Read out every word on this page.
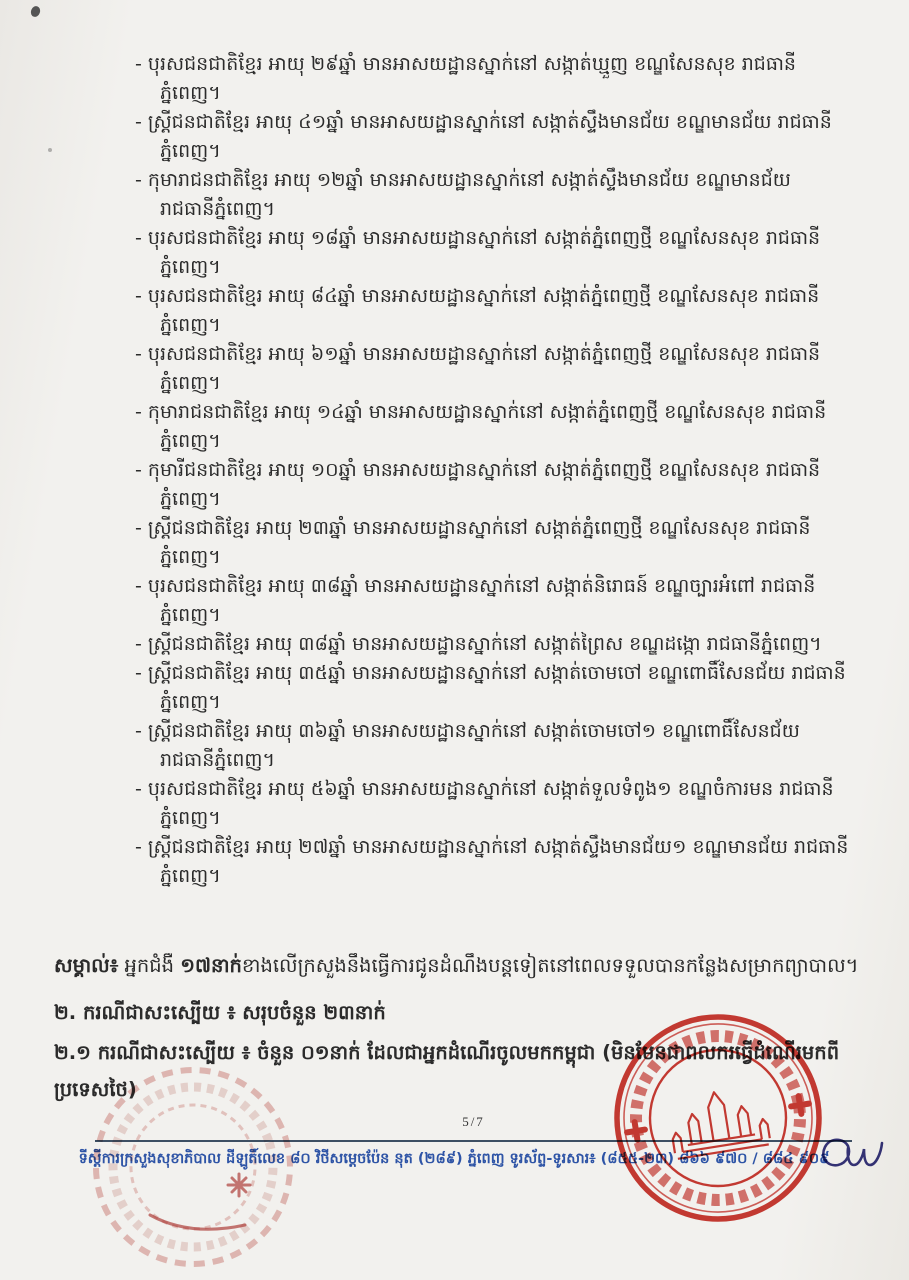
- បុរសជនជាតិខ្មែរ អាយុ ២៩ឆ្នាំ មានអាសយដ្ឋានស្នាក់នៅ សង្កាត់ឃ្មួញ ខណ្ឌសែនសុខ រាជធានីភ្នំពេញ។
- ស្ត្រីជនជាតិខ្មែរ អាយុ ៤១ឆ្នាំ មានអាសយដ្ឋានស្នាក់នៅ សង្កាត់ស្ទឹងមានជ័យ ខណ្ឌមានជ័យ រាជធានីភ្នំពេញ។
- កុមារាជនជាតិខ្មែរ អាយុ ១២ឆ្នាំ មានអាសយដ្ឋានស្នាក់នៅ សង្កាត់ស្ទឹងមានជ័យ ខណ្ឌមានជ័យ រាជធានីភ្នំពេញ។
- បុរសជនជាតិខ្មែរ អាយុ ១៨ឆ្នាំ មានអាសយដ្ឋានស្នាក់នៅ សង្កាត់ភ្នំពេញថ្មី ខណ្ឌសែនសុខ រាជធានីភ្នំពេញ។
- បុរសជនជាតិខ្មែរ អាយុ ៨៤ឆ្នាំ មានអាសយដ្ឋានស្នាក់នៅ សង្កាត់ភ្នំពេញថ្មី ខណ្ឌសែនសុខ រាជធានីភ្នំពេញ។
- បុរសជនជាតិខ្មែរ អាយុ ៦១ឆ្នាំ មានអាសយដ្ឋានស្នាក់នៅ សង្កាត់ភ្នំពេញថ្មី ខណ្ឌសែនសុខ រាជធានីភ្នំពេញ។
- កុមារាជនជាតិខ្មែរ អាយុ ១៤ឆ្នាំ មានអាសយដ្ឋានស្នាក់នៅ សង្កាត់ភ្នំពេញថ្មី ខណ្ឌសែនសុខ រាជធានីភ្នំពេញ។
- កុមារីជនជាតិខ្មែរ អាយុ ១០ឆ្នាំ មានអាសយដ្ឋានស្នាក់នៅ សង្កាត់ភ្នំពេញថ្មី ខណ្ឌសែនសុខ រាជធានីភ្នំពេញ។
- ស្ត្រីជនជាតិខ្មែរ អាយុ ២៣ឆ្នាំ មានអាសយដ្ឋានស្នាក់នៅ សង្កាត់ភ្នំពេញថ្មី ខណ្ឌសែនសុខ រាជធានីភ្នំពេញ។
- បុរសជនជាតិខ្មែរ អាយុ ៣៨ឆ្នាំ មានអាសយដ្ឋានស្នាក់នៅ សង្កាត់និរោធន៍ ខណ្ឌច្បារអំពៅ រាជធានីភ្នំពេញ។
- ស្ត្រីជនជាតិខ្មែរ អាយុ ៣៨ឆ្នាំ មានអាសយដ្ឋានស្នាក់នៅ សង្កាត់ព្រៃស ខណ្ឌដង្កោ រាជធានីភ្នំពេញ។
- ស្ត្រីជនជាតិខ្មែរ អាយុ ៣៥ឆ្នាំ មានអាសយដ្ឋានស្នាក់នៅ សង្កាត់ចោមចៅ ខណ្ឌពោធិ៍សែនជ័យ រាជធានីភ្នំពេញ។
- ស្ត្រីជនជាតិខ្មែរ អាយុ ៣៦ឆ្នាំ មានអាសយដ្ឋានស្នាក់នៅ សង្កាត់ចោមចៅ១ ខណ្ឌពោធិ៍សែនជ័យ រាជធានីភ្នំពេញ។
- បុរសជនជាតិខ្មែរ អាយុ ៥៦ឆ្នាំ មានអាសយដ្ឋានស្នាក់នៅ សង្កាត់ទួលទំពូង១ ខណ្ឌចំការមន រាជធានីភ្នំពេញ។
- ស្ត្រីជនជាតិខ្មែរ អាយុ ២៧ឆ្នាំ មានអាសយដ្ឋានស្នាក់នៅ សង្កាត់ស្ទឹងមានជ័យ១ ខណ្ឌមានជ័យ រាជធានីភ្នំពេញ។

សម្គាល់៖ អ្នកជំងឺ ១៧នាក់ខាងលើក្រសួងនឹងធ្វើការជូនដំណឹងបន្តទៀតនៅពេលទទួលបានកន្លែងសម្រាកព្យាបាល។

២. ករណីជាសះស្បើយ ៖ សរុបចំនួន ២៣នាក់
២.១ ករណីជាសះស្បើយ ៖ ចំនួន ០១នាក់ ដែលជាអ្នកដំណើរចូលមកកម្ពុជា (មិនមែនជាពលករធ្វើដំណើរមកពីប្រទេសថៃ)
5/7
ទីស្តីការក្រសួងសុខាភិបាល ដីឡូតិ៍លេខ ៨០ វិថីសម្តេចប៉ែន នុត (២៨៩) ភ្នំពេញ ទូរស័ព្ទ-ទូរសារ៖ (៨៥៥-២៣) ៨៦៦ ៩៧០ / ៨៨៤ ៩០៩
